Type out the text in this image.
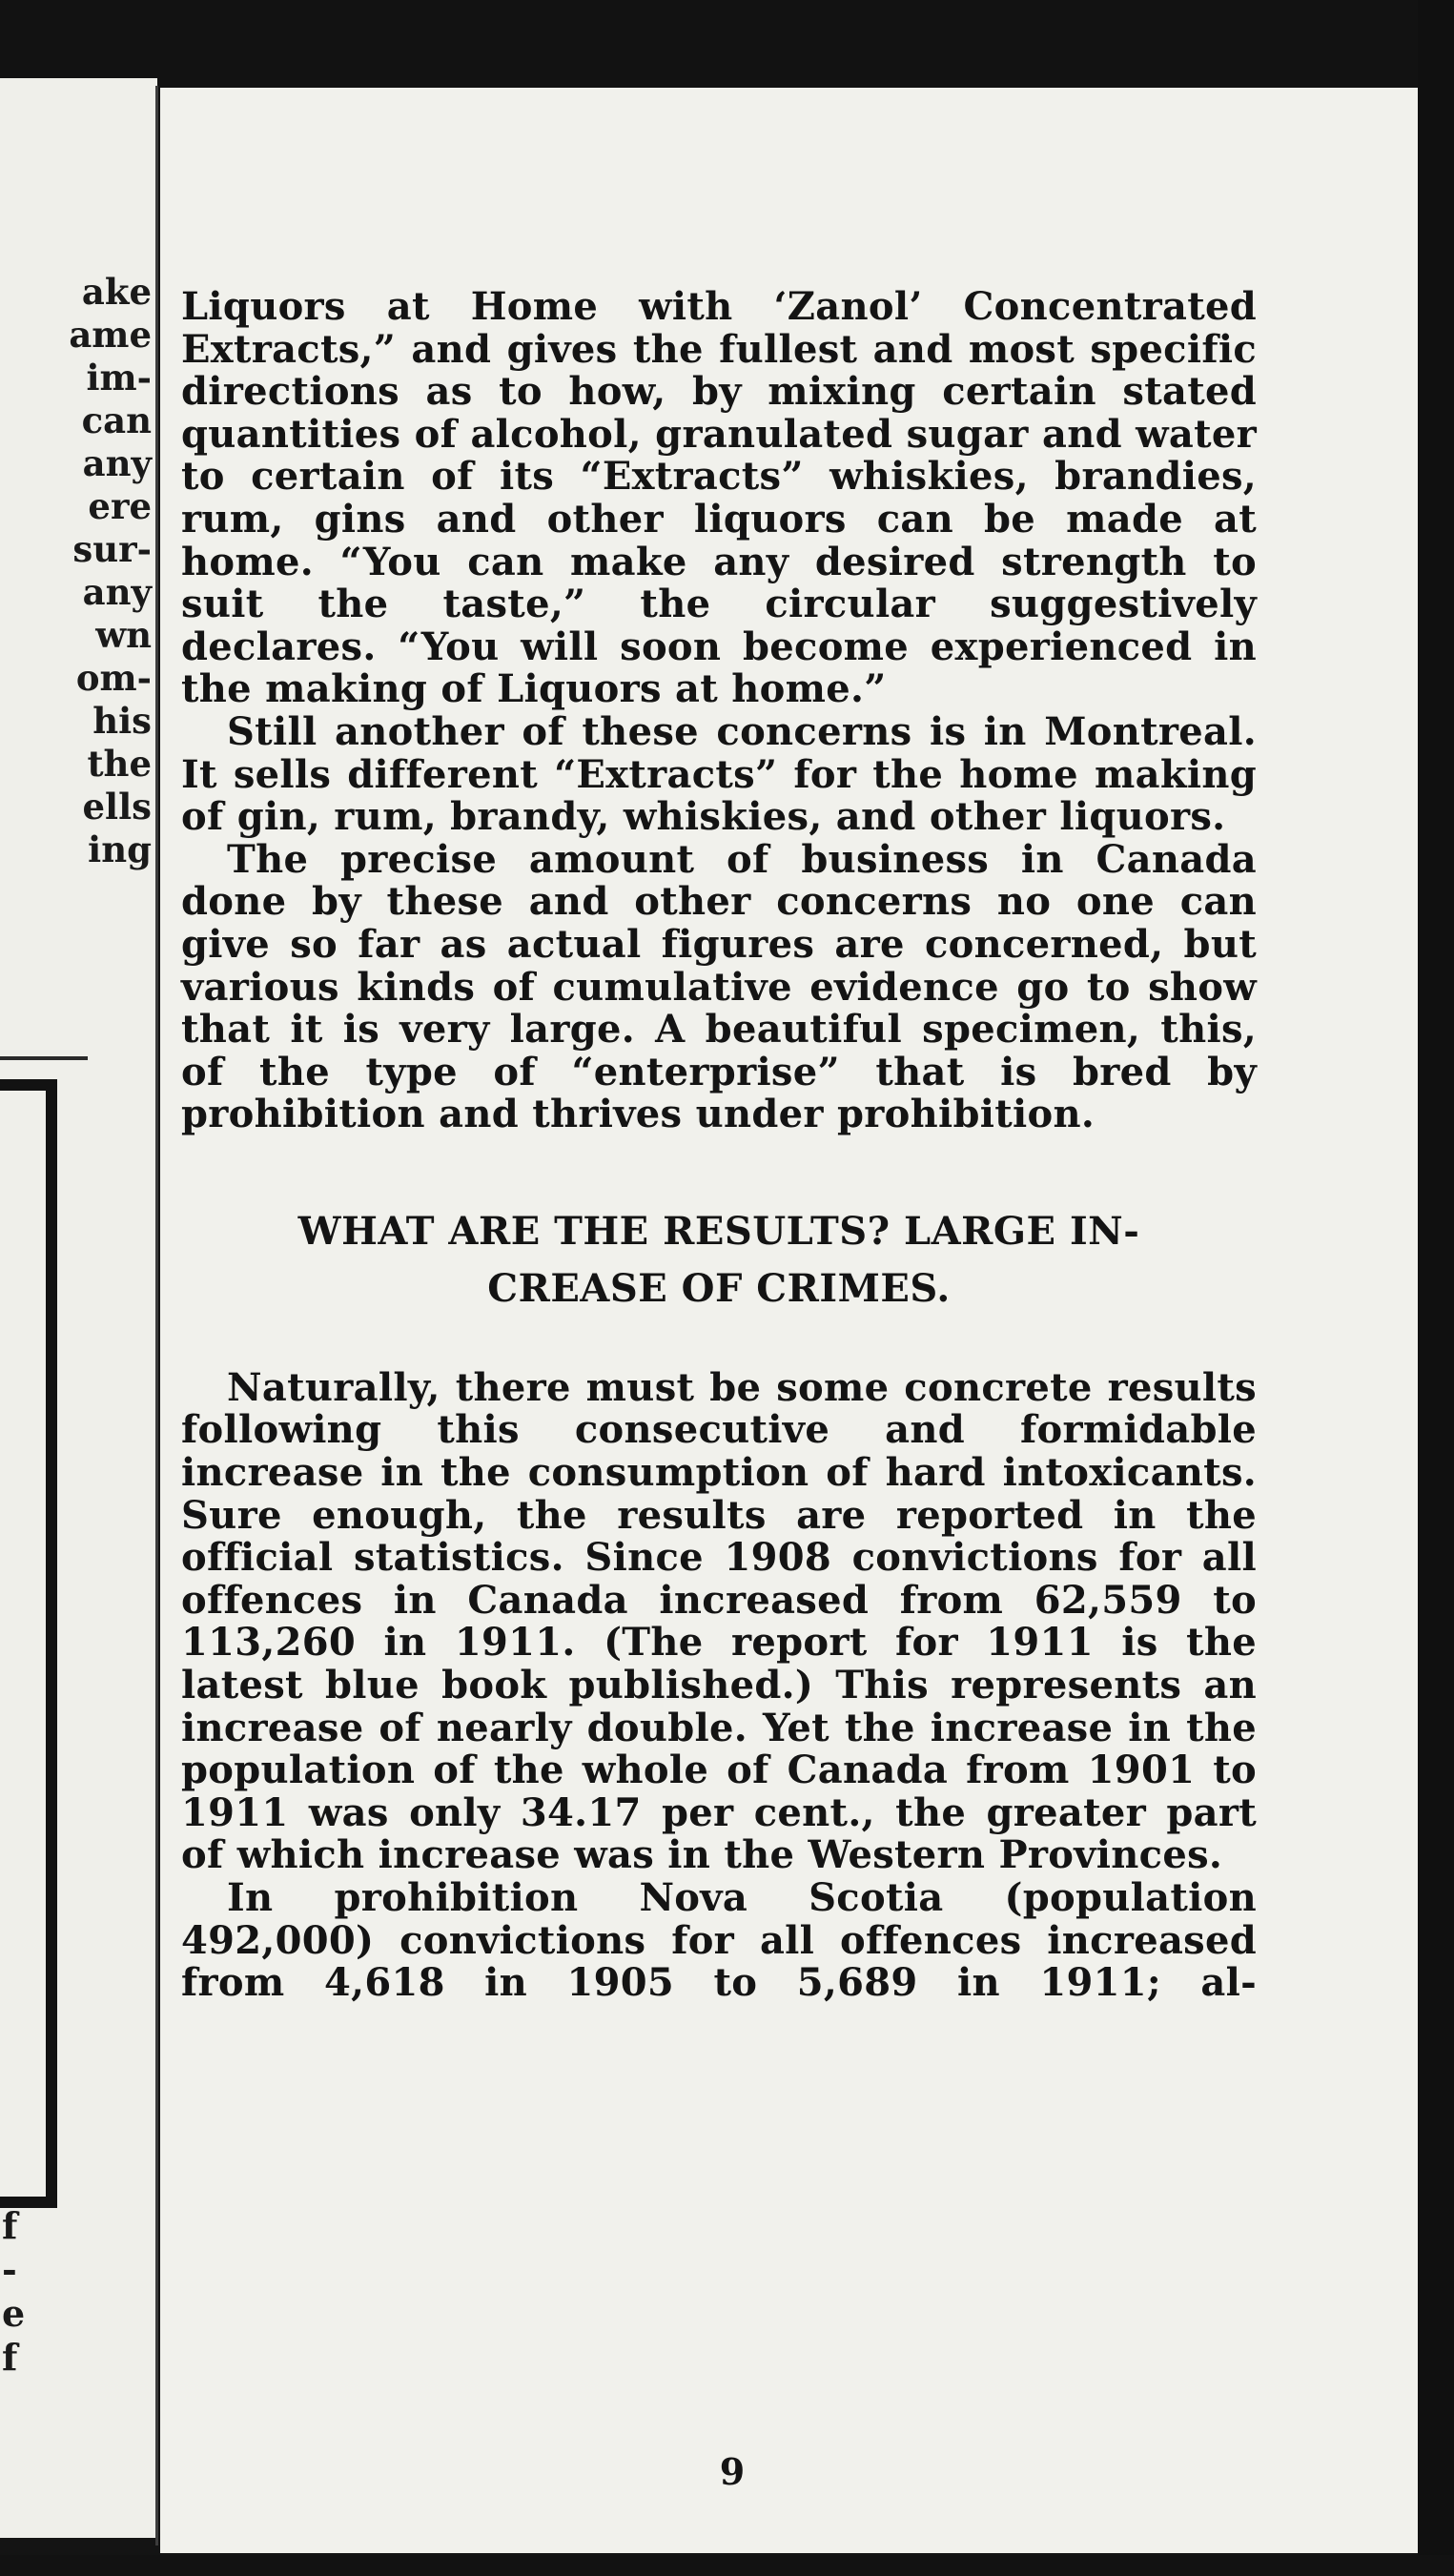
ake
ame
im-
can
any
ere
sur-
any
wn
om-
his
the
ells
ing
f
-
e
f

Liquors at Home with ‘Zanol’ Concentrated Extracts,” and gives the fullest and most specific directions as to how, by mixing certain stated quantities of alcohol, granulated sugar and water to certain of its “Extracts” whiskies, brandies, rum, gins and other liquors can be made at home. “You can make any desired strength to suit the taste,” the circular suggestively declares. “You will soon become experienced in the making of Liquors at home.”

Still another of these concerns is in Montreal. It sells different “Extracts” for the home making of gin, rum, brandy, whiskies, and other liquors.

The precise amount of business in Canada done by these and other concerns no one can give so far as actual figures are concerned, but various kinds of cumulative evidence go to show that it is very large. A beautiful specimen, this, of the type of “enterprise” that is bred by prohibition and thrives under prohibition.

WHAT ARE THE RESULTS? LARGE IN-
CREASE OF CRIMES.

Naturally, there must be some concrete results following this consecutive and formidable increase in the consumption of hard intoxicants. Sure enough, the results are reported in the official statistics. Since 1908 convictions for all offences in Canada increased from 62,559 to 113,260 in 1911. (The report for 1911 is the latest blue book published.) This represents an increase of nearly double. Yet the increase in the population of the whole of Canada from 1901 to 1911 was only 34.17 per cent., the greater part of which increase was in the Western Provinces.

In prohibition Nova Scotia (population 492,000) convictions for all offences increased from 4,618 in 1905 to 5,689 in 1911; al-

9
